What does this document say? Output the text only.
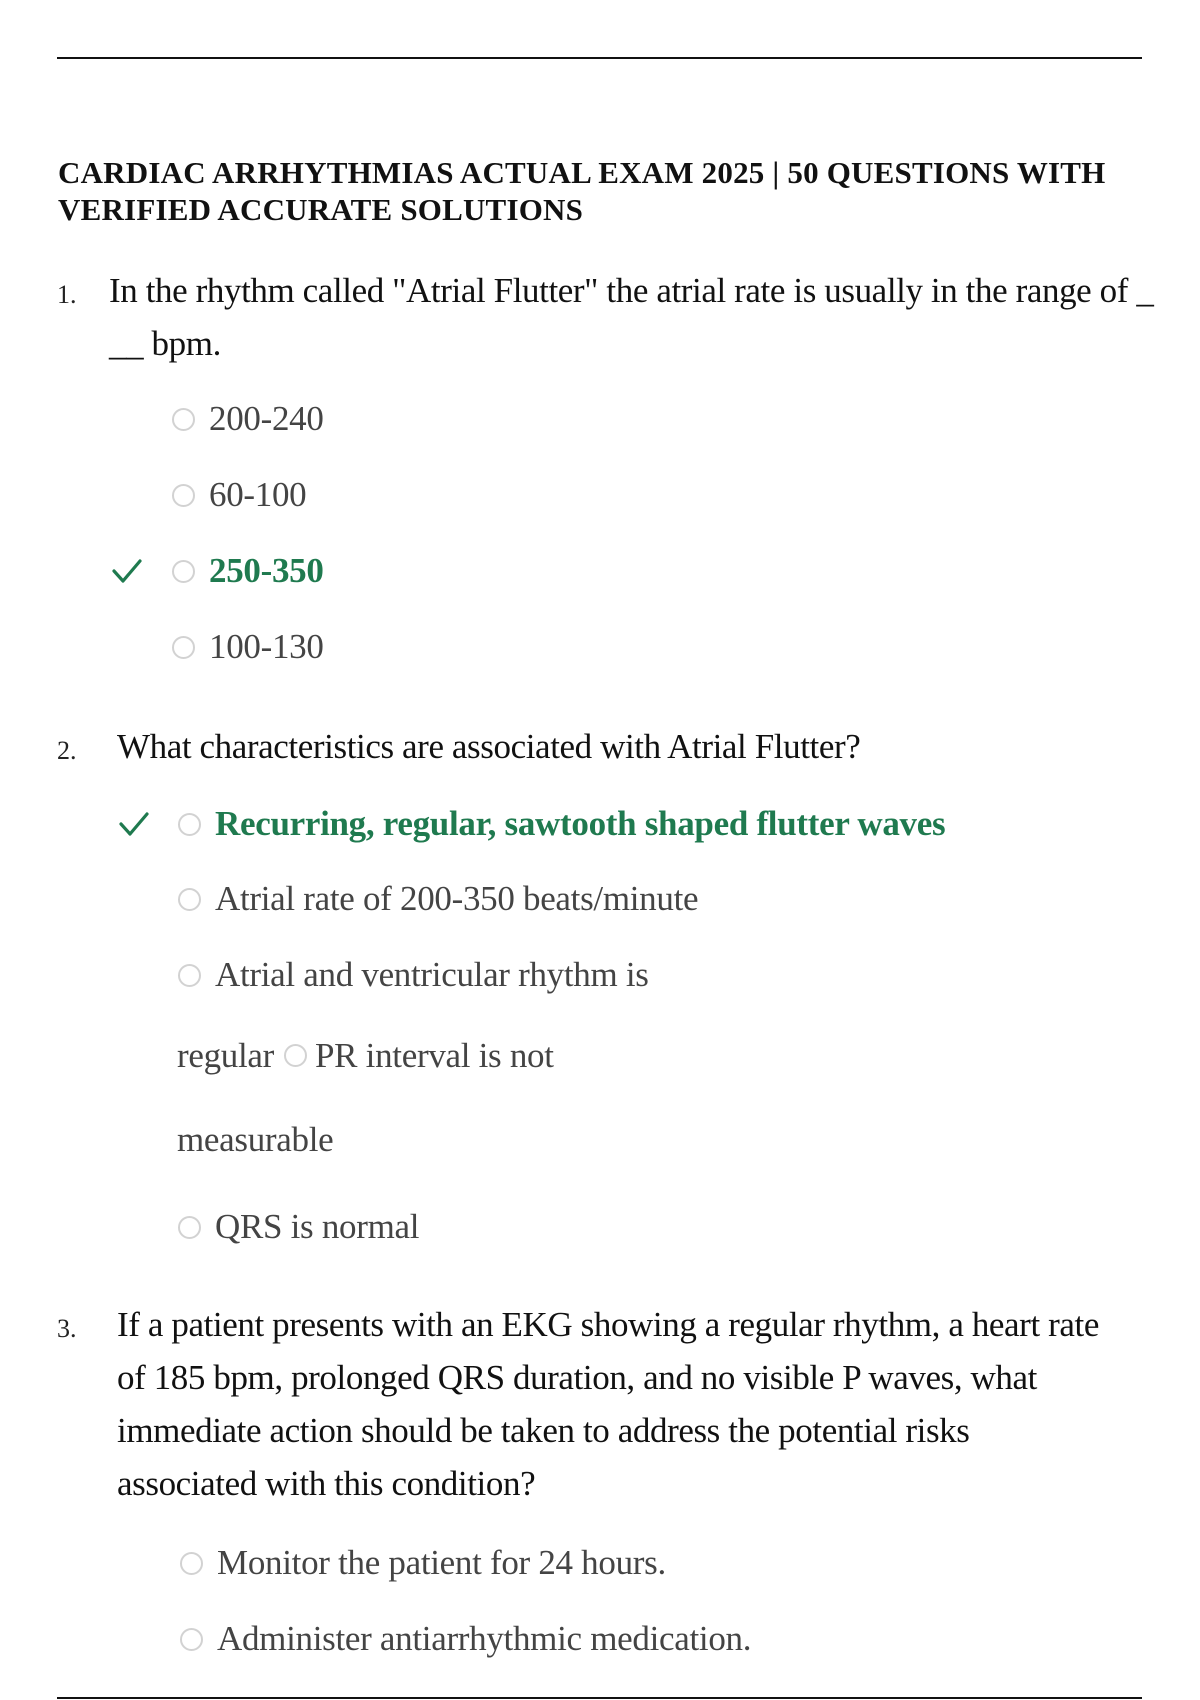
CARDIAC ARRHYTHMIAS ACTUAL EXAM 2025 | 50 QUESTIONS WITH VERIFIED ACCURATE SOLUTIONS
1. In the rhythm called "Atrial Flutter" the atrial rate is usually in the range of _ __ bpm.

200-240
60-100
250-350
100-130
2. What characteristics are associated with Atrial Flutter?

Recurring, regular, sawtooth shaped flutter waves
Atrial rate of 200-350 beats/minute
Atrial and ventricular rhythm is
regular PR interval is not
measurable
QRS is normal
3. If a patient presents with an EKG showing a regular rhythm, a heart rate of 185 bpm, prolonged QRS duration, and no visible P waves, what immediate action should be taken to address the potential risks associated with this condition?

Monitor the patient for 24 hours.
Administer antiarrhythmic medication.
